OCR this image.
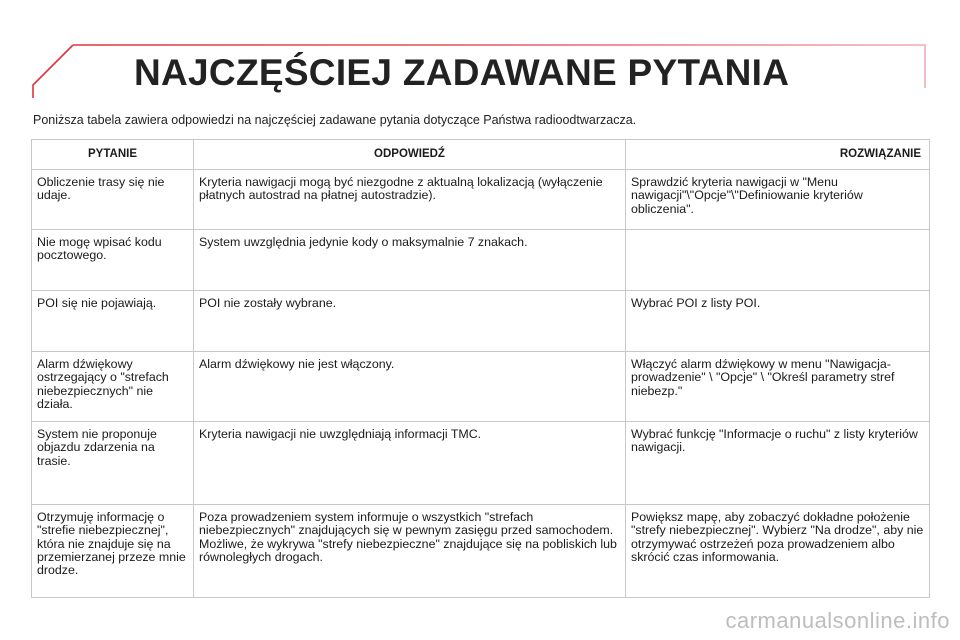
NAJCZĘŚCIEJ ZADAWANE PYTANIA
Poniższa tabela zawiera odpowiedzi na najczęściej zadawane pytania dotyczące Państwa radioodtwarzacza.
PYTANIE	ODPOWIEDŹ	ROZWIĄZANIE
Obliczenie trasy się nie udaje.	Kryteria nawigacji mogą być niezgodne z aktualną lokalizacją (wyłączenie płatnych autostrad na płatnej autostradzie).	Sprawdzić kryteria nawigacji w "Menu nawigacji"\"Opcje"\"Definiowanie kryteriów obliczenia".
Nie mogę wpisać kodu pocztowego.	System uwzględnia jedynie kody o maksymalnie 7 znakach.	
POI się nie pojawiają.	POI nie zostały wybrane.	Wybrać POI z listy POI.
Alarm dźwiękowy ostrzegający o "strefach niebezpiecznych" nie działa.	Alarm dźwiękowy nie jest włączony.	Włączyć alarm dźwiękowy w menu "Nawigacja-prowadzenie" \ "Opcje" \ "Określ parametry stref niebezp."
System nie proponuje objazdu zdarzenia na trasie.	Kryteria nawigacji nie uwzględniają informacji TMC.	Wybrać funkcję "Informacje o ruchu" z listy kryteriów nawigacji.
Otrzymuję informację o "strefie niebezpiecznej", która nie znajduje się na przemierzanej przeze mnie drodze.	Poza prowadzeniem system informuje o wszystkich "strefach niebezpiecznych" znajdujących się w pewnym zasięgu przed samochodem. Możliwe, że wykrywa "strefy niebezpieczne" znajdujące się na pobliskich lub równoległych drogach.	Powiększ mapę, aby zobaczyć dokładne położenie "strefy niebezpiecznej". Wybierz "Na drodze", aby nie otrzymywać ostrzeżeń poza prowadzeniem albo skrócić czas informowania.
carmanualsonline.info
